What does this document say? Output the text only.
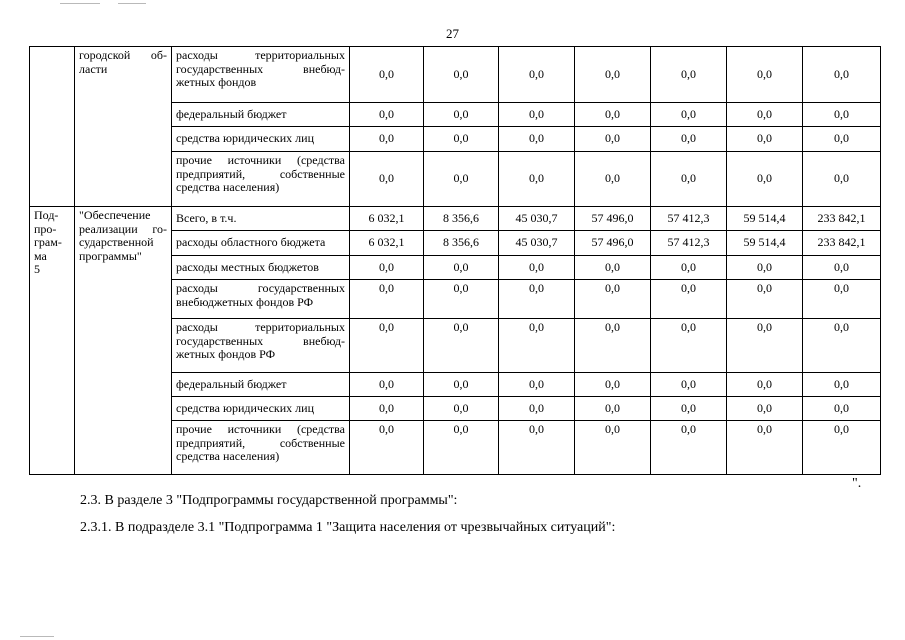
27
	городской об-ласти	расходы территориальных государственных внебюд-жетных фондов	0,0	0,0	0,0	0,0	0,0	0,0	0,0
		федеральный бюджет	0,0	0,0	0,0	0,0	0,0	0,0	0,0
		средства юридических лиц	0,0	0,0	0,0	0,0	0,0	0,0	0,0
		прочие источники (средства предприятий, собственные средства населения)	0,0	0,0	0,0	0,0	0,0	0,0	0,0
Под-про-грам-ма 5	"Обеспечение реализации го-сударственной программы"	Всего, в т.ч.	6 032,1	8 356,6	45 030,7	57 496,0	57 412,3	59 514,4	233 842,1
		расходы областного бюджета	6 032,1	8 356,6	45 030,7	57 496,0	57 412,3	59 514,4	233 842,1
		расходы местных бюджетов	0,0	0,0	0,0	0,0	0,0	0,0	0,0
		расходы государственных внебюджетных фондов РФ	0,0	0,0	0,0	0,0	0,0	0,0	0,0
		расходы территориальных государственных внебюд-жетных фондов РФ	0,0	0,0	0,0	0,0	0,0	0,0	0,0
		федеральный бюджет	0,0	0,0	0,0	0,0	0,0	0,0	0,0
		средства юридических лиц	0,0	0,0	0,0	0,0	0,0	0,0	0,0
		прочие источники (средства предприятий, собственные средства населения)	0,0	0,0	0,0	0,0	0,0	0,0	0,0
".
2.3. В разделе 3 "Подпрограммы государственной программы":
2.3.1. В подразделе 3.1 "Подпрограмма 1 "Защита населения от чрезвычайных ситуаций":
